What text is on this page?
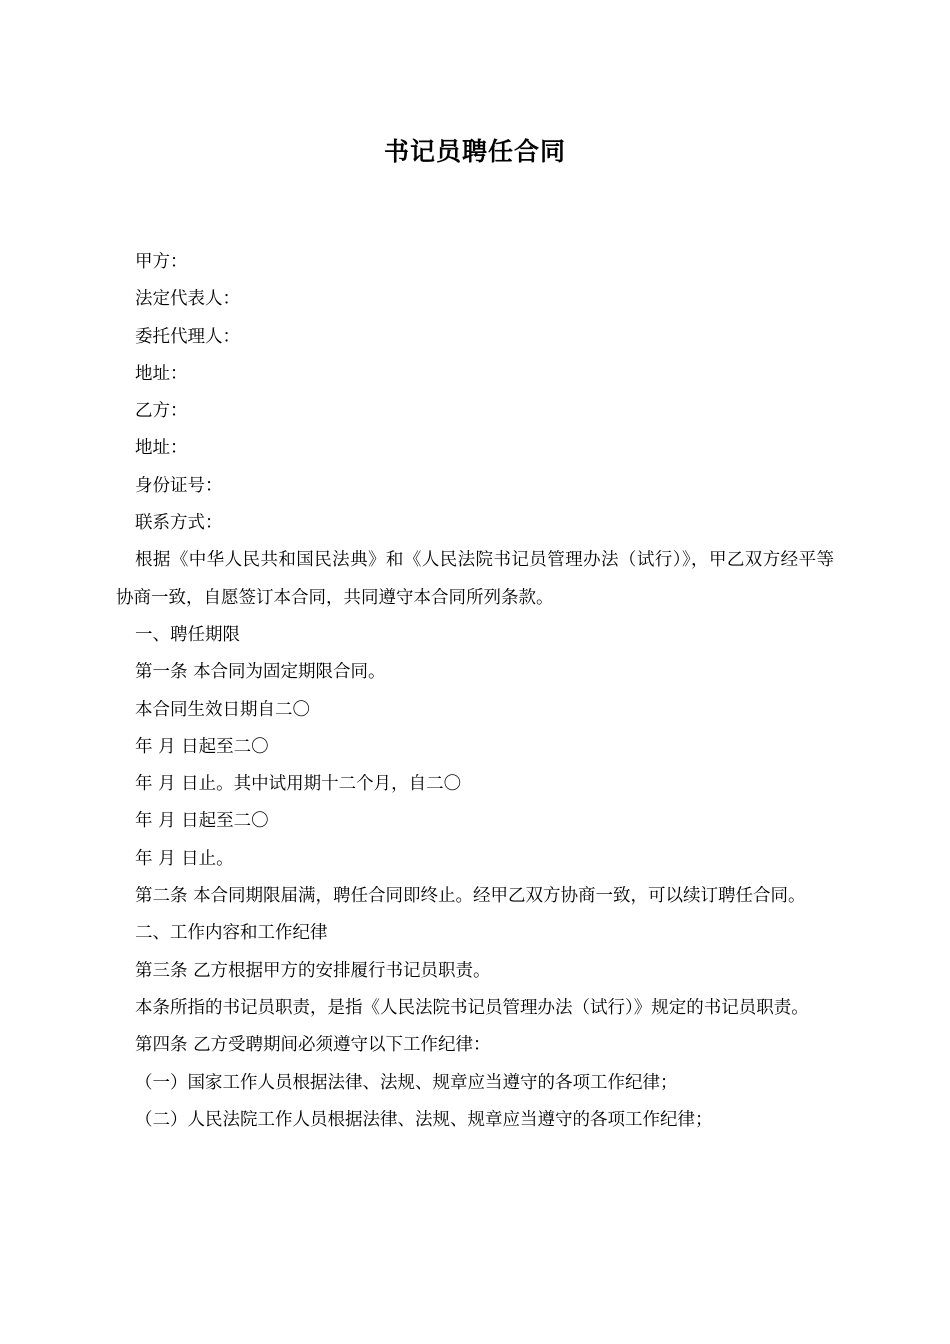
书记员聘任合同

甲方：

法定代表人：

委托代理人：

地址：

乙方：

地址：

身份证号：

联系方式：

根据《中华人民共和国民法典》和《人民法院书记员管理办法（试行）》，甲乙双方经平等协商一致，自愿签订本合同，共同遵守本合同所列条款。

一、聘任期限

第一条 本合同为固定期限合同。

本合同生效日期自二〇

年 月 日起至二〇

年 月 日止。其中试用期十二个月，自二〇

年 月 日起至二〇

年 月 日止。

第二条 本合同期限届满，聘任合同即终止。经甲乙双方协商一致，可以续订聘任合同。

二、工作内容和工作纪律

第三条 乙方根据甲方的安排履行书记员职责。

本条所指的书记员职责，是指《人民法院书记员管理办法（试行）》规定的书记员职责。

第四条 乙方受聘期间必须遵守以下工作纪律：

（一）国家工作人员根据法律、法规、规章应当遵守的各项工作纪律；

（二）人民法院工作人员根据法律、法规、规章应当遵守的各项工作纪律；
